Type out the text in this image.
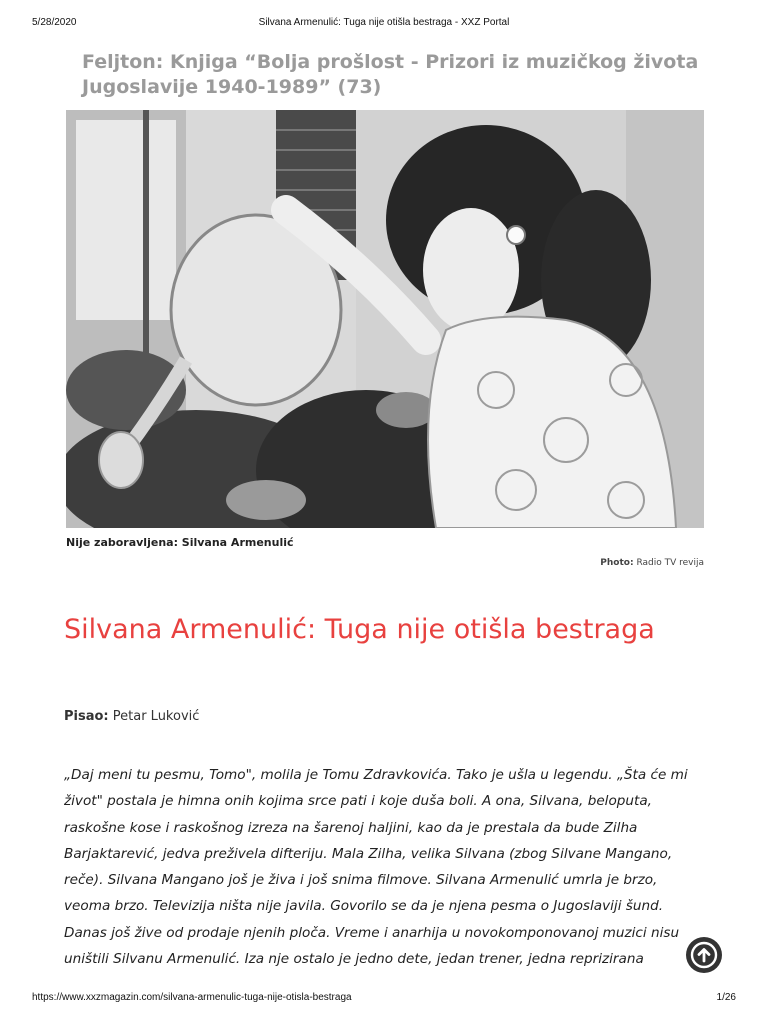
5/28/2020	Silvana Armenulić: Tuga nije otišla bestraga - XXZ Portal
Feljton: Knjiga “Bolja prošlost - Prizori iz muzičkog života Jugoslavije 1940-1989” (73)
Nije zaboravljena: Silvana Armenulić
Photo: Radio TV revija
Silvana Armenulić: Tuga nije otišla bestraga
Pisao: Petar Luković
„Daj meni tu pesmu, Tomo", molila je Tomu Zdravkovića. Tako je ušla u legendu. „Šta će mi
život" postala je himna onih kojima srce pati i koje duša boli. A ona, Silvana, beloputa,
raskošne kose i raskošnog izreza na šarenoj haljini, kao da je prestala da bude Zilha
Barjaktarević, jedva preživela difteriju. Mala Zilha, velika Silvana (zbog Silvane Mangano,
reče). Silvana Mangano još je živa i još snima filmove. Silvana Armenulić umrla je brzo,
veoma brzo. Televizija ništa nije javila. Govorilo se da je njena pesma o Jugoslaviji šund.
Danas još žive od prodaje njenih ploča. Vreme i anarhija u novokomponovanoj muzici nisu
uništili Silvanu Armenulić. Iza nje ostalo je jedno dete, jedan trener, jedna reprizirana
https://www.xxzmagazin.com/silvana-armenulic-tuga-nije-otisla-bestraga	1/26
